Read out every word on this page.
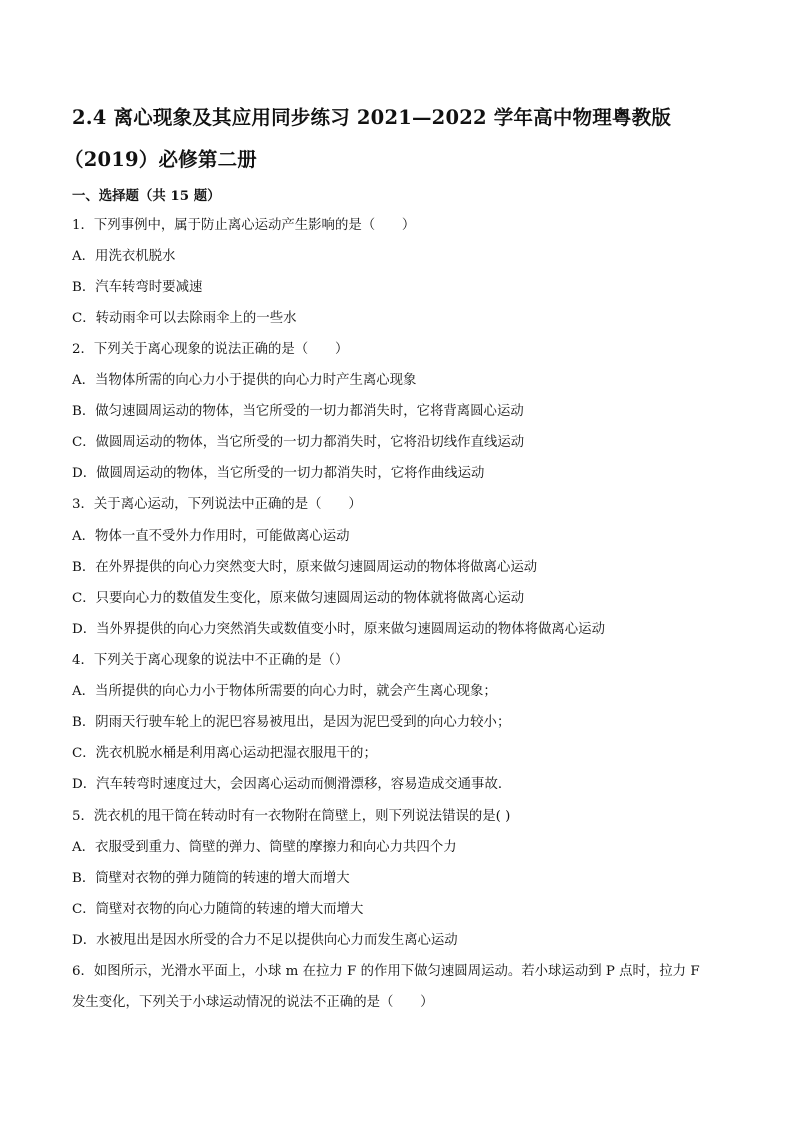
2.4 离心现象及其应用同步练习 2021—2022 学年高中物理粤教版
（2019）必修第二册
一、选择题（共 15 题）
1．下列事例中，属于防止离心运动产生影响的是（　　）
A．用洗衣机脱水
B．汽车转弯时要减速
C．转动雨伞可以去除雨伞上的一些水
2．下列关于离心现象的说法正确的是（　　）
A．当物体所需的向心力小于提供的向心力时产生离心现象
B．做匀速圆周运动的物体，当它所受的一切力都消失时，它将背离圆心运动
C．做圆周运动的物体，当它所受的一切力都消失时，它将沿切线作直线运动
D．做圆周运动的物体，当它所受的一切力都消失时，它将作曲线运动
3．关于离心运动，下列说法中正确的是（　　）
A．物体一直不受外力作用时，可能做离心运动
B．在外界提供的向心力突然变大时，原来做匀速圆周运动的物体将做离心运动
C．只要向心力的数值发生变化，原来做匀速圆周运动的物体就将做离心运动
D．当外界提供的向心力突然消失或数值变小时，原来做匀速圆周运动的物体将做离心运动
4．下列关于离心现象的说法中不正确的是（）
A．当所提供的向心力小于物体所需要的向心力时，就会产生离心现象；
B．阴雨天行驶车轮上的泥巴容易被甩出，是因为泥巴受到的向心力较小；
C．洗衣机脱水桶是利用离心运动把湿衣服甩干的；
D．汽车转弯时速度过大，会因离心运动而侧滑漂移，容易造成交通事故．
5．洗衣机的甩干筒在转动时有一衣物附在筒壁上，则下列说法错误的是( )
A．衣服受到重力、筒壁的弹力、筒壁的摩擦力和向心力共四个力
B．筒壁对衣物的弹力随筒的转速的增大而增大
C．筒壁对衣物的向心力随筒的转速的增大而增大
D．水被甩出是因水所受的合力不足以提供向心力而发生离心运动
6．如图所示，光滑水平面上，小球 m 在拉力 F 的作用下做匀速圆周运动。若小球运动到 P 点时，拉力 F
发生变化，下列关于小球运动情况的说法不正确的是（　　）
